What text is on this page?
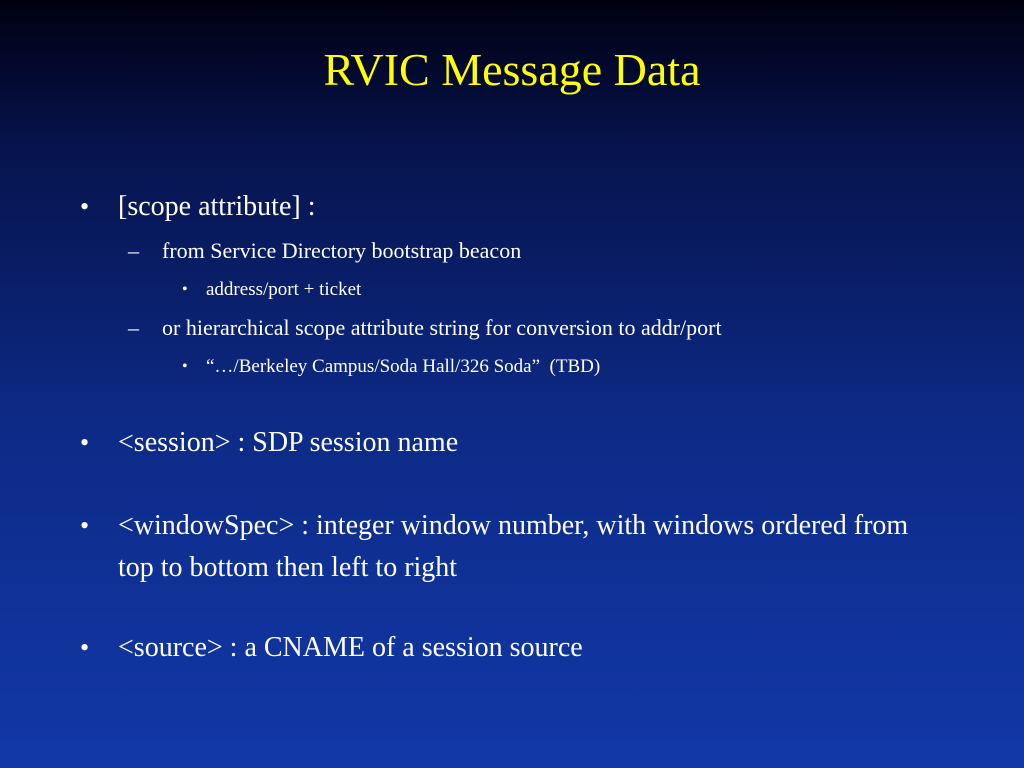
RVIC Message Data
• [scope attribute] :
– from Service Directory bootstrap beacon
• address/port + ticket
– or hierarchical scope attribute string for conversion to addr/port
• “…/Berkeley Campus/Soda Hall/326 Soda”  (TBD)
• <session> : SDP session name
• <windowSpec> : integer window number, with windows ordered from top to bottom then left to right
• <source> : a CNAME of a session source
